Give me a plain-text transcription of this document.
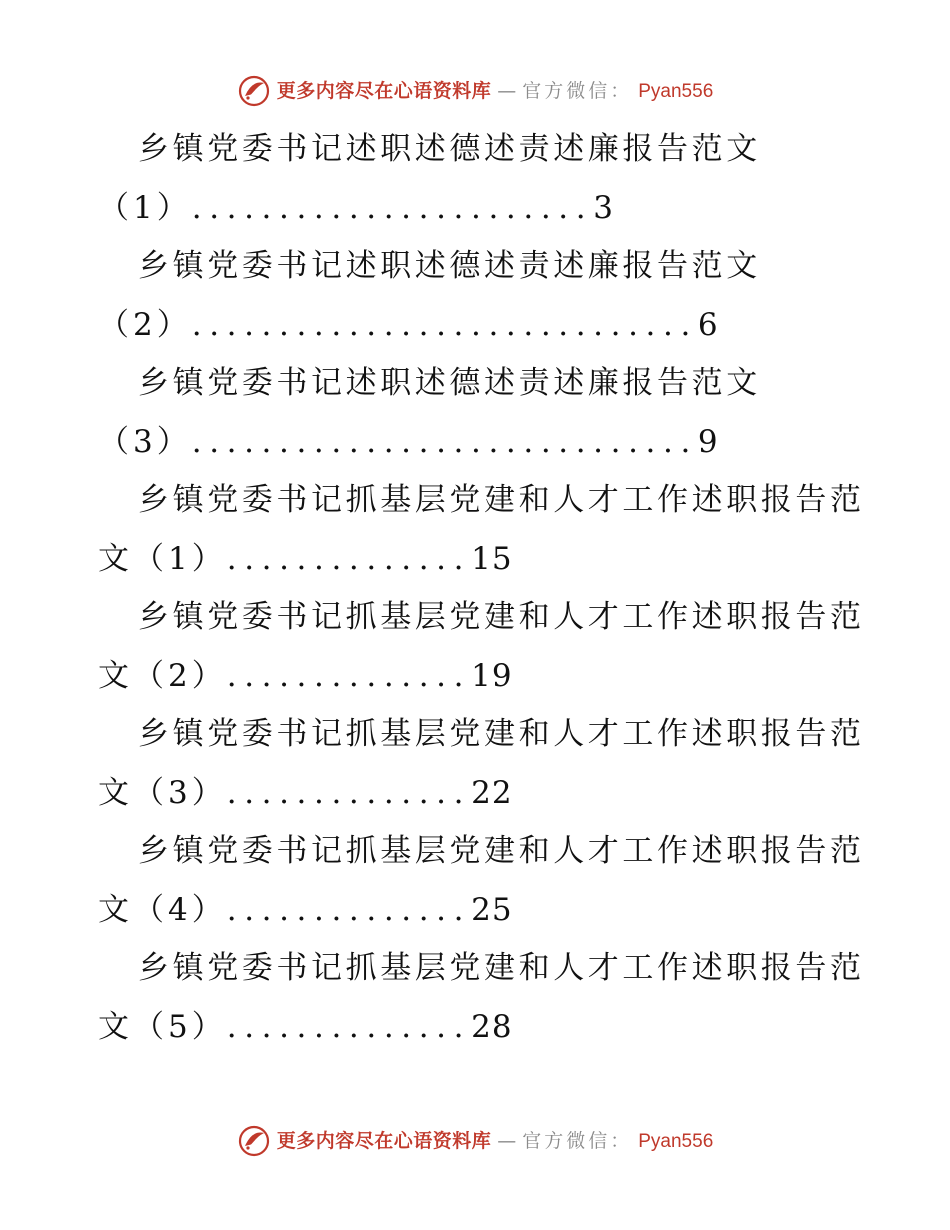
更多内容尽在心语资料库 — 官方微信： Pyan556
乡镇党委书记述职述德述责述廉报告范文
（1）.......................3
乡镇党委书记述职述德述责述廉报告范文
（2）.............................6
乡镇党委书记述职述德述责述廉报告范文
（3）.............................9
乡镇党委书记抓基层党建和人才工作述职报告范
文（1）..............15
乡镇党委书记抓基层党建和人才工作述职报告范
文（2）..............19
乡镇党委书记抓基层党建和人才工作述职报告范
文（3）..............22
乡镇党委书记抓基层党建和人才工作述职报告范
文（4）..............25
乡镇党委书记抓基层党建和人才工作述职报告范
文（5）..............28
更多内容尽在心语资料库 — 官方微信： Pyan556
